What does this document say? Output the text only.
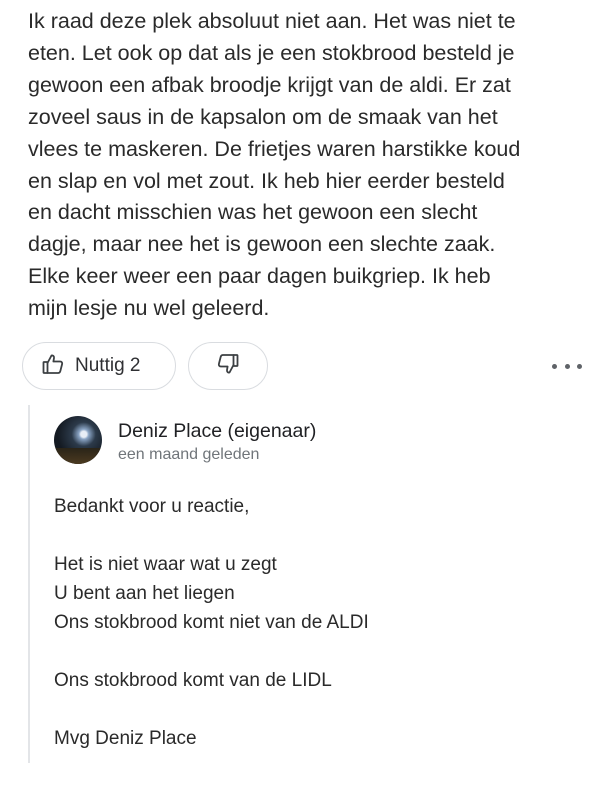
Ik raad deze plek absoluut niet aan. Het was niet te
eten. Let ook op dat als je een stokbrood besteld je
gewoon een afbak broodje krijgt van de aldi. Er zat
zoveel saus in de kapsalon om de smaak van het
vlees te maskeren. De frietjes waren harstikke koud
en slap en vol met zout. Ik heb hier eerder besteld
en dacht misschien was het gewoon een slecht
dagje, maar nee het is gewoon een slechte zaak.
Elke keer weer een paar dagen buikgriep. Ik heb
mijn lesje nu wel geleerd.
Nuttig 2
Deniz Place (eigenaar)
een maand geleden
Bedankt voor u reactie,
Het is niet waar wat u zegt
U bent aan het liegen
Ons stokbrood komt niet van de ALDI
Ons stokbrood komt van de LIDL
Mvg Deniz Place
